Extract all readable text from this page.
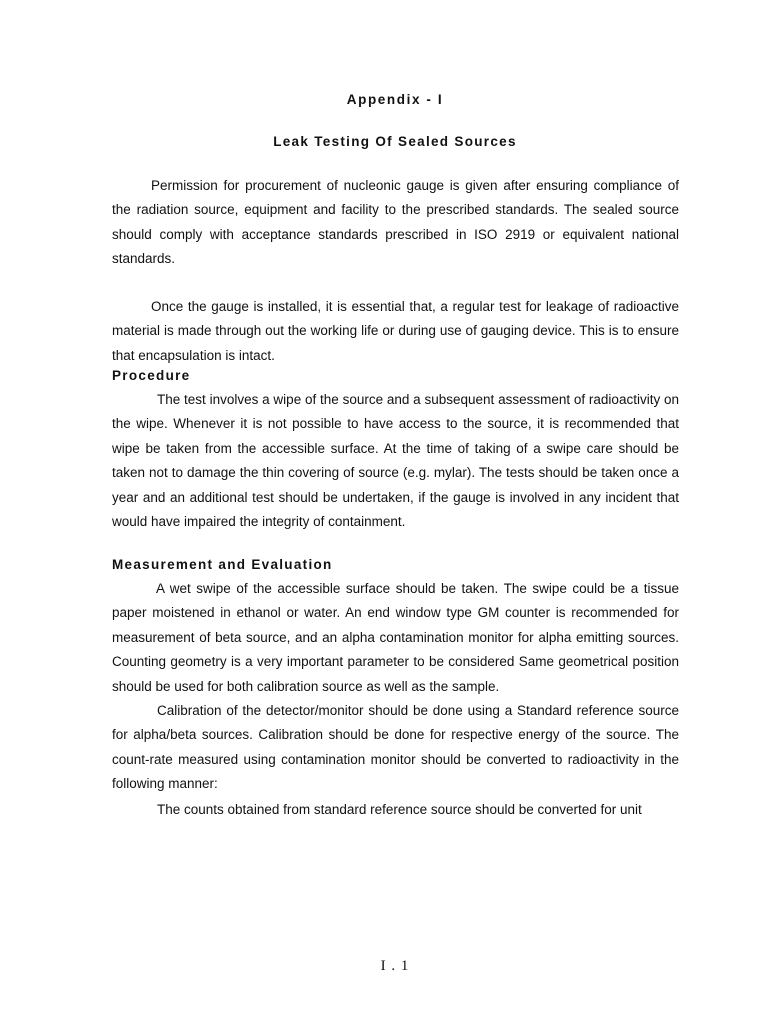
Appendix - I
Leak Testing Of Sealed Sources

Permission for procurement of nucleonic gauge is given after ensuring compliance of the radiation source, equipment and facility to the prescribed standards. The sealed source should comply with acceptance standards prescribed in ISO 2919 or equivalent national standards.

Once the gauge is installed, it is essential that, a regular test for leakage of radioactive material is made through out the working life or during use of gauging device. This is to ensure that encapsulation is intact.

Procedure

The test involves a wipe of the source and a subsequent assessment of radioactivity on the wipe. Whenever it is not possible to have access to the source, it is recommended that wipe be taken from the accessible surface. At the time of taking of a swipe care should be taken not to damage the thin covering of source (e.g. mylar). The tests should be taken once a year and an additional test should be undertaken, if the gauge is involved in any incident that would have impaired the integrity of containment.

Measurement and Evaluation

A wet swipe of the accessible surface should be taken. The swipe could be a tissue paper moistened in ethanol or water. An end window type GM counter is recommended for measurement of beta source, and an alpha contamination monitor for alpha emitting sources. Counting geometry is a very important parameter to be considered Same geometrical position should be used for both calibration source as well as the sample.

Calibration of the detector/monitor should be done using a Standard reference source for alpha/beta sources. Calibration should be done for respective energy of the source. The count-rate measured using contamination monitor should be converted to radioactivity in the following manner:

The counts obtained from standard reference source should be converted for unit

I . 1
